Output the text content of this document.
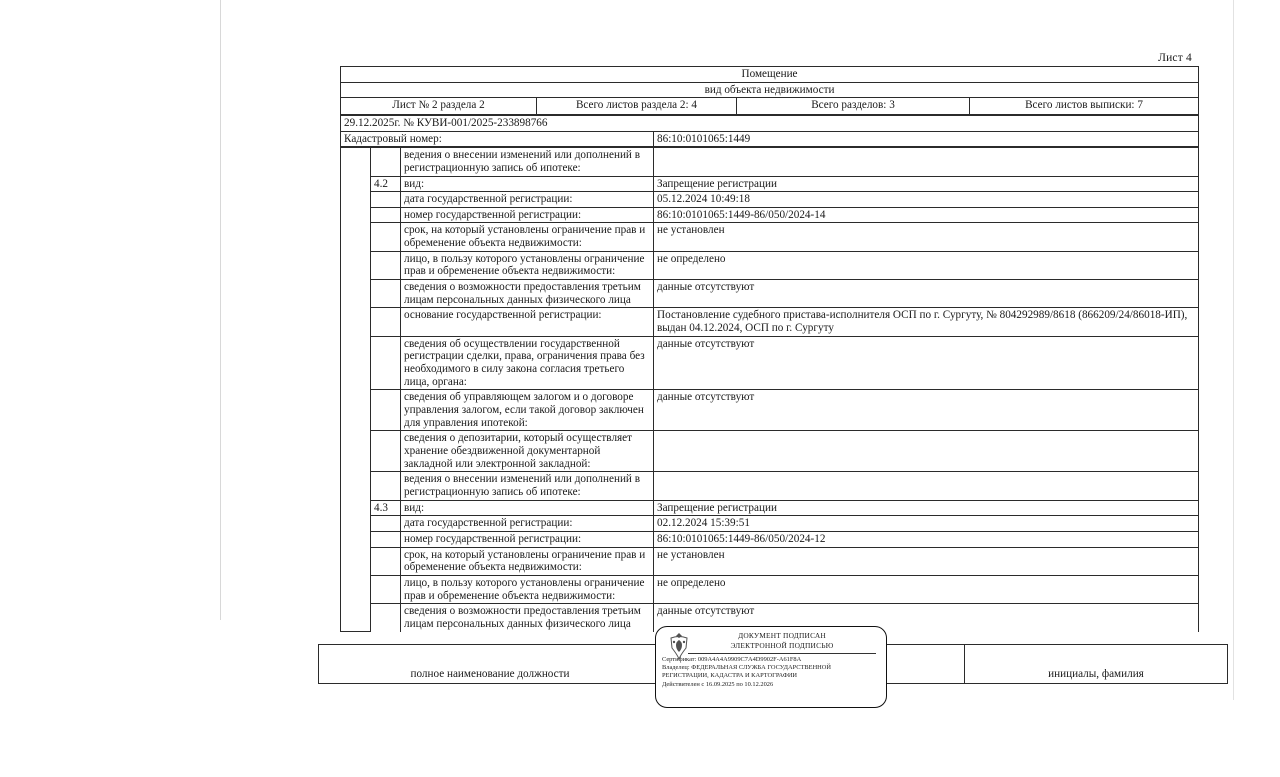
Лист 4
Помещение
вид объекта недвижимости
Лист № 2 раздела 2	Всего листов раздела 2: 4	Всего разделов: 3	Всего листов выписки: 7
29.12.2025г. № КУВИ-001/2025-233898766
Кадастровый номер:	86:10:0101065:1449
		ведения о внесении изменений или дополнений в регистрационную запись об ипотеке:	
	4.2	вид:	Запрещение регистрации
		дата государственной регистрации:	05.12.2024 10:49:18
		номер государственной регистрации:	86:10:0101065:1449-86/050/2024-14
		срок, на который установлены ограничение прав и обременение объекта недвижимости:	не установлен
		лицо, в пользу которого установлены ограничение прав и обременение объекта недвижимости:	не определено
		сведения о возможности предоставления третьим лицам персональных данных физического лица	данные отсутствуют
		основание государственной регистрации:	Постановление судебного пристава-исполнителя ОСП по г. Сургуту, № 804292989/8618 (866209/24/86018-ИП), выдан 04.12.2024, ОСП по г. Сургуту
		сведения об осуществлении государственной регистрации сделки, права, ограничения права без необходимого в силу закона согласия третьего лица, органа:	данные отсутствуют
		сведения об управляющем залогом и о договоре управления залогом, если такой договор заключен для управления ипотекой:	данные отсутствуют
		сведения о депозитарии, который осуществляет хранение обездвиженной документарной закладной или электронной закладной:	
		ведения о внесении изменений или дополнений в регистрационную запись об ипотеке:	
	4.3	вид:	Запрещение регистрации
		дата государственной регистрации:	02.12.2024 15:39:51
		номер государственной регистрации:	86:10:0101065:1449-86/050/2024-12
		срок, на который установлены ограничение прав и обременение объекта недвижимости:	не установлен
		лицо, в пользу которого установлены ограничение прав и обременение объекта недвижимости:	не определено
		сведения о возможности предоставления третьим лицам персональных данных физического лица	данные отсутствуют
полное наименование должности		инициалы, фамилия
ДОКУМЕНТ ПОДПИСАН
ЭЛЕКТРОННОЙ ПОДПИСЬЮ
Сертификат: 009А4А4А9909С7А4D9902F-А61F8А
Владелец: ФЕДЕРАЛЬНАЯ СЛУЖБА ГОСУДАРСТВЕННОЙ
РЕГИСТРАЦИИ, КАДАСТРА И КАРТОГРАФИИ
Действителен с 16.09.2025 по 10.12.2026
